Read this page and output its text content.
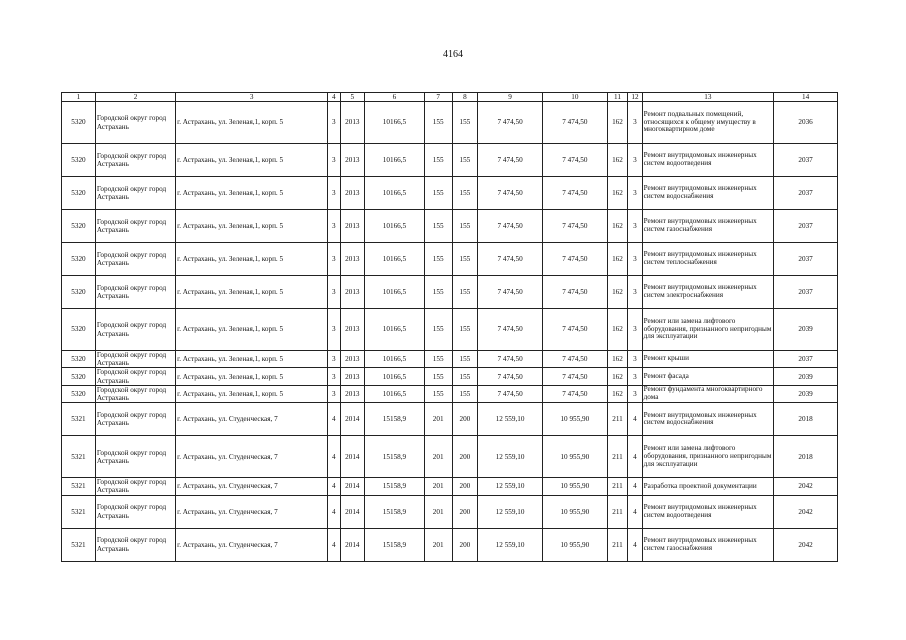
4164
1	2	3	4	5	6	7	8	9	10	11	12	13	14
5320	Городской округ город Астрахань	г. Астрахань, ул. Зеленая,1, корп. 5	3	2013	10166,5	155	155	7 474,50	7 474,50	162	3	Ремонт подвальных помещений, относящихся к общему имуществу в многоквартирном доме	2036
5320	Городской округ город Астрахань	г. Астрахань, ул. Зеленая,1, корп. 5	3	2013	10166,5	155	155	7 474,50	7 474,50	162	3	Ремонт внутридомовых инженерных систем водоотведения	2037
5320	Городской округ город Астрахань	г. Астрахань, ул. Зеленая,1, корп. 5	3	2013	10166,5	155	155	7 474,50	7 474,50	162	3	Ремонт внутридомовых инженерных систем водоснабжения	2037
5320	Городской округ город Астрахань	г. Астрахань, ул. Зеленая,1, корп. 5	3	2013	10166,5	155	155	7 474,50	7 474,50	162	3	Ремонт внутридомовых инженерных систем газоснабжения	2037
5320	Городской округ город Астрахань	г. Астрахань, ул. Зеленая,1, корп. 5	3	2013	10166,5	155	155	7 474,50	7 474,50	162	3	Ремонт внутридомовых инженерных систем теплоснабжения	2037
5320	Городской округ город Астрахань	г. Астрахань, ул. Зеленая,1, корп. 5	3	2013	10166,5	155	155	7 474,50	7 474,50	162	3	Ремонт внутридомовых инженерных систем электроснабжения	2037
5320	Городской округ город Астрахань	г. Астрахань, ул. Зеленая,1, корп. 5	3	2013	10166,5	155	155	7 474,50	7 474,50	162	3	Ремонт или замена лифтового оборудования, признанного непригодным для эксплуатации	2039
5320	Городской округ город Астрахань	г. Астрахань, ул. Зеленая,1, корп. 5	3	2013	10166,5	155	155	7 474,50	7 474,50	162	3	Ремонт крыши	2037
5320	Городской округ город Астрахань	г. Астрахань, ул. Зеленая,1, корп. 5	3	2013	10166,5	155	155	7 474,50	7 474,50	162	3	Ремонт фасада	2039
5320	Городской округ город Астрахань	г. Астрахань, ул. Зеленая,1, корп. 5	3	2013	10166,5	155	155	7 474,50	7 474,50	162	3	Ремонт фундамента многоквартирного дома	2039
5321	Городской округ город Астрахань	г. Астрахань, ул. Студенческая, 7	4	2014	15158,9	201	200	12 559,10	10 955,90	211	4	Ремонт внутридомовых инженерных систем водоснабжения	2018
5321	Городской округ город Астрахань	г. Астрахань, ул. Студенческая, 7	4	2014	15158,9	201	200	12 559,10	10 955,90	211	4	Ремонт или замена лифтового оборудования, признанного непригодным для эксплуатации	2018
5321	Городской округ город Астрахань	г. Астрахань, ул. Студенческая, 7	4	2014	15158,9	201	200	12 559,10	10 955,90	211	4	Разработка проектной документации	2042
5321	Городской округ город Астрахань	г. Астрахань, ул. Студенческая, 7	4	2014	15158,9	201	200	12 559,10	10 955,90	211	4	Ремонт внутридомовых инженерных систем водоотведения	2042
5321	Городской округ город Астрахань	г. Астрахань, ул. Студенческая, 7	4	2014	15158,9	201	200	12 559,10	10 955,90	211	4	Ремонт внутридомовых инженерных систем газоснабжения	2042
